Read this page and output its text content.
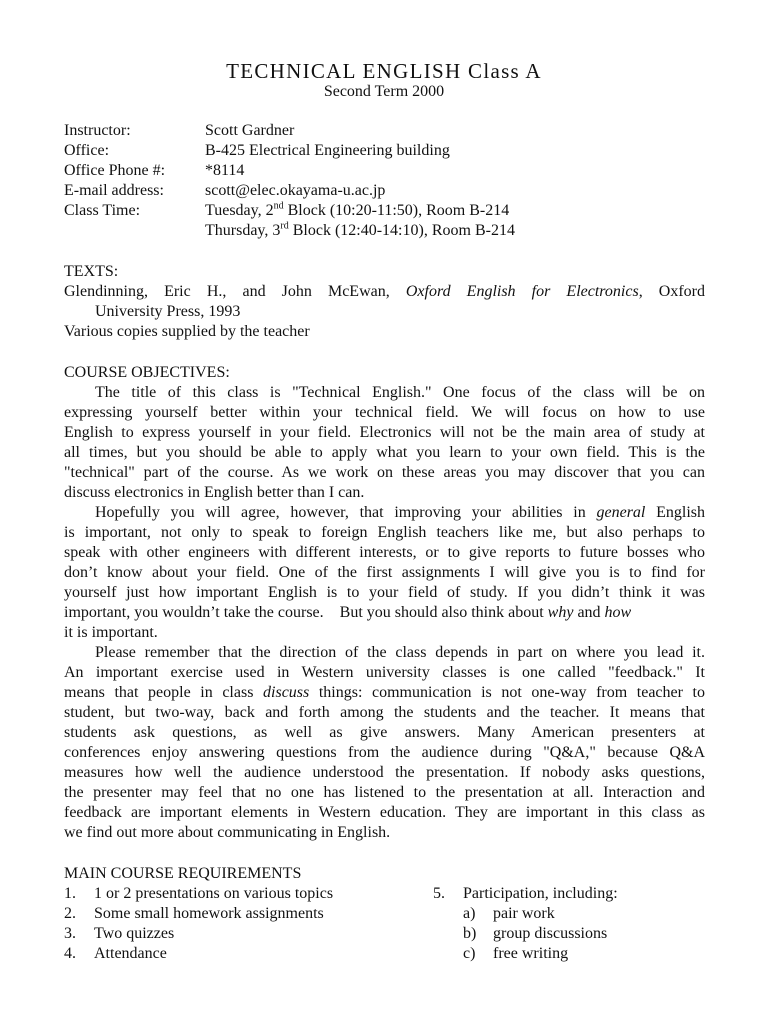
TECHNICAL ENGLISH Class A
Second Term 2000
Instructor:	Scott Gardner
Office:	B-425 Electrical Engineering building
Office Phone #: *8114
E-mail address:	scott@elec.okayama-u.ac.jp
Class Time:	Tuesday, 2nd Block (10:20-11:50), Room B-214
Thursday, 3rd Block (12:40-14:10), Room B-214
TEXTS:
Glendinning, Eric H., and John McEwan, Oxford English for Electronics, Oxford
University Press, 1993
Various copies supplied by the teacher
COURSE OBJECTIVES:
The title of this class is "Technical English." One focus of the class will be on
expressing yourself better within your technical field. We will focus on how to use
English to express yourself in your field. Electronics will not be the main area of study at
all times, but you should be able to apply what you learn to your own field. This is the
"technical" part of the course. As we work on these areas you may discover that you can
discuss electronics in English better than I can.
Hopefully you will agree, however, that improving your abilities in general English
is important, not only to speak to foreign English teachers like me, but also perhaps to
speak with other engineers with different interests, or to give reports to future bosses who
don’t know about your field. One of the first assignments I will give you is to find for
yourself just how important English is to your field of study. If you didn’t think it was
important, you wouldn’t take the course.    But you should also think about why and how
it is important.
Please remember that the direction of the class depends in part on where you lead it.
An important exercise used in Western university classes is one called "feedback." It
means that people in class discuss things: communication is not one-way from teacher to
student, but two-way, back and forth among the students and the teacher. It means that
students ask questions, as well as give answers. Many American presenters at
conferences enjoy answering questions from the audience during "Q&A," because Q&A
measures how well the audience understood the presentation. If nobody asks questions,
the presenter may feel that no one has listened to the presentation at all. Interaction and
feedback are important elements in Western education. They are important in this class as
we find out more about communicating in English.
MAIN COURSE REQUIREMENTS
1. 1 or 2 presentations on various topics
2. Some small homework assignments
3. Two quizzes
4. Attendance
5. Participation, including:
a) pair work
b) group discussions
c) free writing
